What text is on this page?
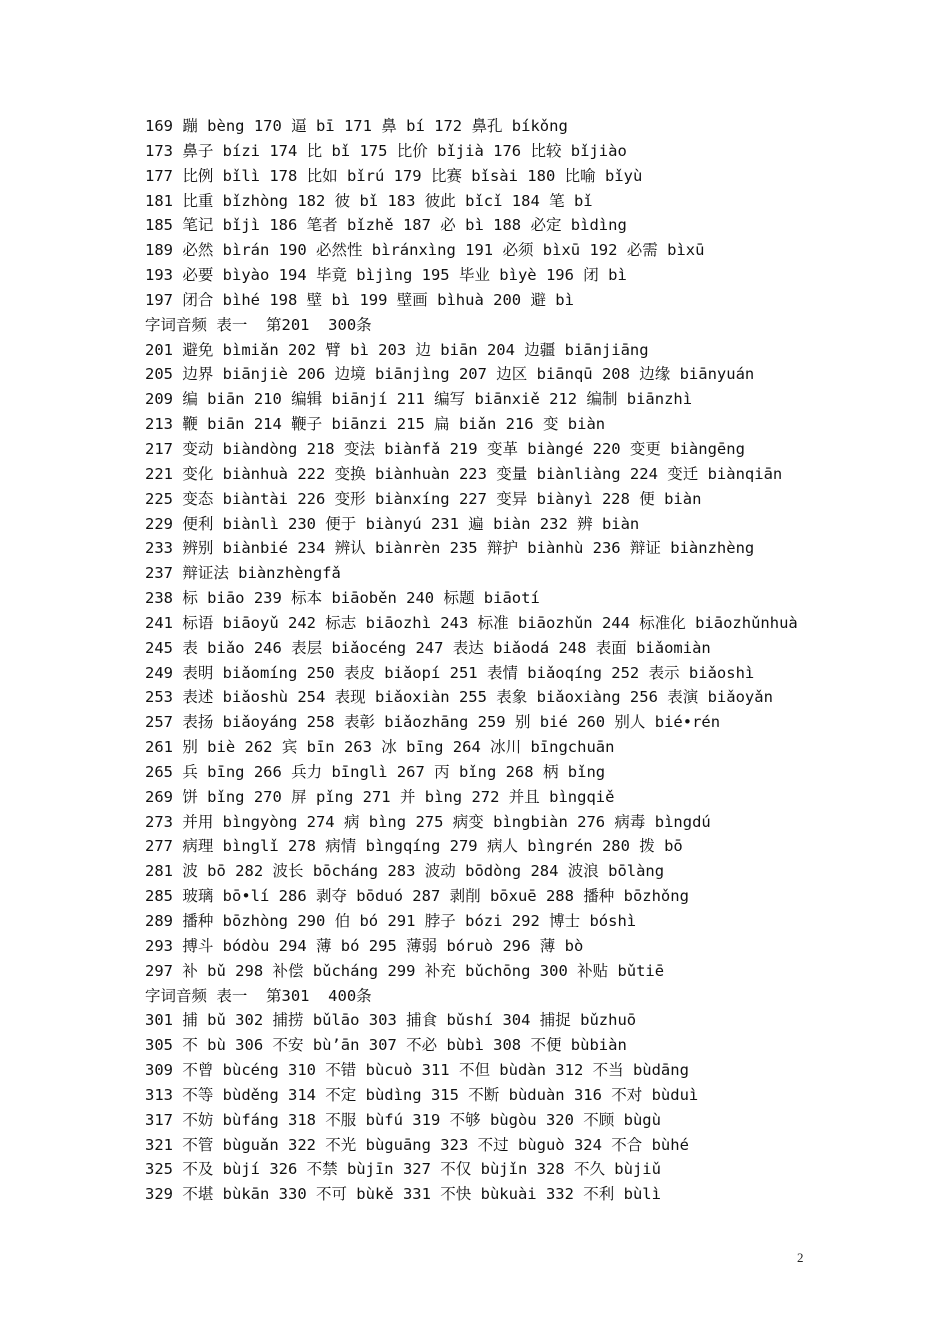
169 蹦 bèng 170 逼 bī 171 鼻 bí 172 鼻孔 bíkǒng
173 鼻子 bízi 174 比 bǐ 175 比价 bǐjià 176 比较 bǐjiào
177 比例 bǐlì 178 比如 bǐrú 179 比赛 bǐsài 180 比喻 bǐyù
181 比重 bǐzhòng 182 彼 bǐ 183 彼此 bǐcǐ 184 笔 bǐ
185 笔记 bǐjì 186 笔者 bǐzhě 187 必 bì 188 必定 bìdìng
189 必然 bìrán 190 必然性 bìránxìng 191 必须 bìxū 192 必需 bìxū
193 必要 bìyào 194 毕竟 bìjìng 195 毕业 bìyè 196 闭 bì
197 闭合 bìhé 198 壁 bì 199 壁画 bìhuà 200 避 bì
字词音频 表一  第201  300条
201 避免 bìmiǎn 202 臂 bì 203 边 biān 204 边疆 biānjiāng
205 边界 biānjiè 206 边境 biānjìng 207 边区 biānqū 208 边缘 biānyuán
209 编 biān 210 编辑 biānjí 211 编写 biānxiě 212 编制 biānzhì
213 鞭 biān 214 鞭子 biānzi 215 扁 biǎn 216 变 biàn
217 变动 biàndòng 218 变法 biànfǎ 219 变革 biàngé 220 变更 biàngēng
221 变化 biànhuà 222 变换 biànhuàn 223 变量 biànliàng 224 变迁 biànqiān
225 变态 biàntài 226 变形 biànxíng 227 变异 biànyì 228 便 biàn
229 便利 biànlì 230 便于 biànyú 231 遍 biàn 232 辨 biàn
233 辨别 biànbié 234 辨认 biànrèn 235 辩护 biànhù 236 辩证 biànzhèng
237 辩证法 biànzhèngfǎ
238 标 biāo 239 标本 biāoběn 240 标题 biāotí
241 标语 biāoyǔ 242 标志 biāozhì 243 标准 biāozhǔn 244 标准化 biāozhǔnhuà
245 表 biǎo 246 表层 biǎocéng 247 表达 biǎodá 248 表面 biǎomiàn
249 表明 biǎomíng 250 表皮 biǎopí 251 表情 biǎoqíng 252 表示 biǎoshì
253 表述 biǎoshù 254 表现 biǎoxiàn 255 表象 biǎoxiàng 256 表演 biǎoyǎn
257 表扬 biǎoyáng 258 表彰 biǎozhāng 259 别 bié 260 别人 bié•rén
261 别 biè 262 宾 bīn 263 冰 bīng 264 冰川 bīngchuān
265 兵 bīng 266 兵力 bīnglì 267 丙 bǐng 268 柄 bǐng
269 饼 bǐng 270 屏 pǐng 271 并 bìng 272 并且 bìngqiě
273 并用 bìngyòng 274 病 bìng 275 病变 bìngbiàn 276 病毒 bìngdú
277 病理 bìnglǐ 278 病情 bìngqíng 279 病人 bìngrén 280 拨 bō
281 波 bō 282 波长 bōcháng 283 波动 bōdòng 284 波浪 bōlàng
285 玻璃 bō•lí 286 剥夺 bōduó 287 剥削 bōxuē 288 播种 bōzhǒng
289 播种 bōzhòng 290 伯 bó 291 脖子 bózi 292 博士 bóshì
293 搏斗 bódòu 294 薄 bó 295 薄弱 bóruò 296 薄 bò
297 补 bǔ 298 补偿 bǔcháng 299 补充 bǔchōng 300 补贴 bǔtiē
字词音频 表一  第301  400条
301 捕 bǔ 302 捕捞 bǔlāo 303 捕食 bǔshí 304 捕捉 bǔzhuō
305 不 bù 306 不安 bù’ān 307 不必 bùbì 308 不便 bùbiàn
309 不曾 bùcéng 310 不错 bùcuò 311 不但 bùdàn 312 不当 bùdāng
313 不等 bùděng 314 不定 bùdìng 315 不断 bùduàn 316 不对 bùduì
317 不妨 bùfáng 318 不服 bùfú 319 不够 bùgòu 320 不顾 bùgù
321 不管 bùguǎn 322 不光 bùguāng 323 不过 bùguò 324 不合 bùhé
325 不及 bùjí 326 不禁 bùjīn 327 不仅 bùjǐn 328 不久 bùjiǔ
329 不堪 bùkān 330 不可 bùkě 331 不快 bùkuài 332 不利 bùlì
2
